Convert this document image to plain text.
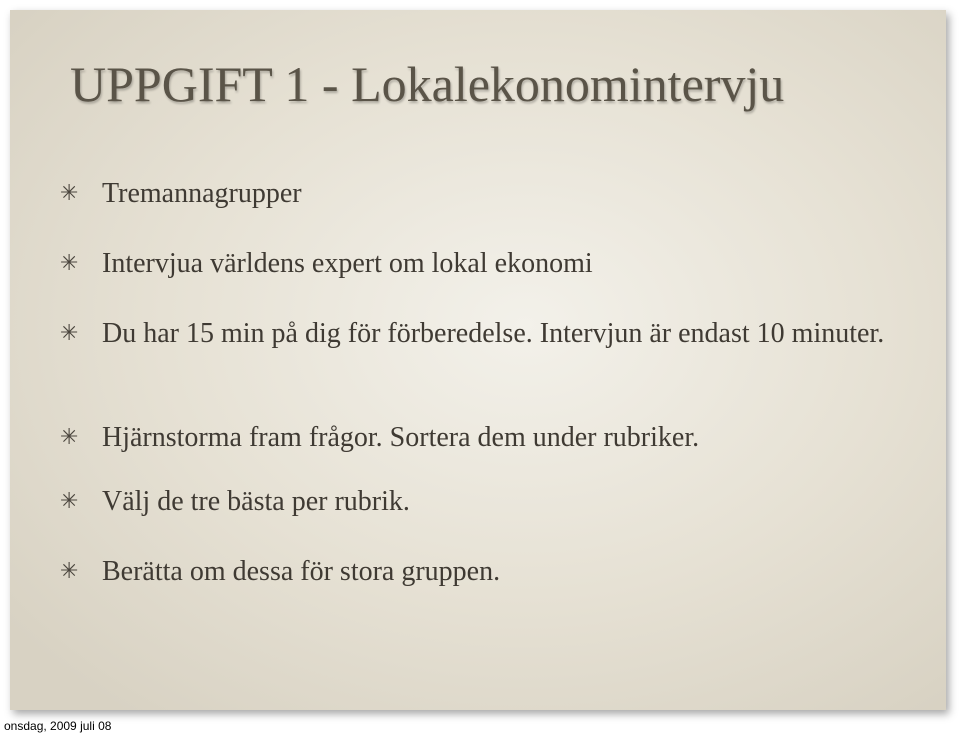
UPPGIFT 1 - Lokalekonomintervju
✳ Tremannagrupper
✳ Intervjua världens expert om lokal ekonomi
✳ Du har 15 min på dig för förberedelse. Intervjun är endast 10 minuter.
✳ Hjärnstorma fram frågor. Sortera dem under rubriker.
✳ Välj de tre bästa per rubrik.
✳ Berätta om dessa för stora gruppen.
onsdag, 2009 juli 08
